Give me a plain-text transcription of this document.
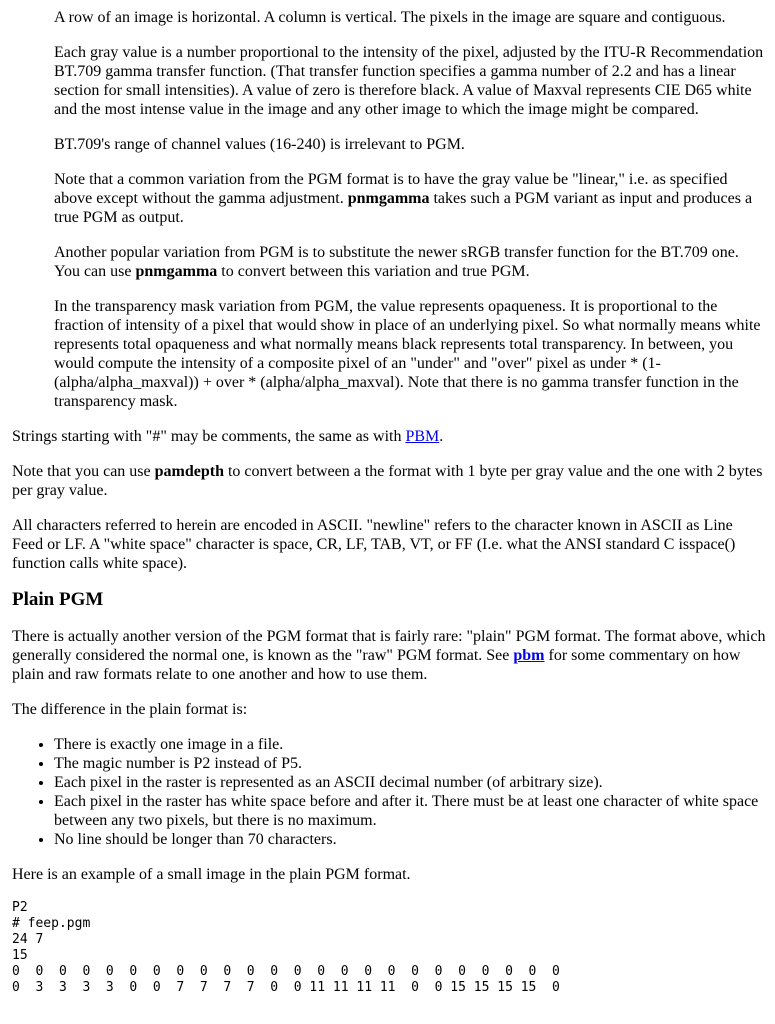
A row of an image is horizontal. A column is vertical. The pixels in the image are square and contiguous.

Each gray value is a number proportional to the intensity of the pixel, adjusted by the ITU-R Recommendation BT.709 gamma transfer function. (That transfer function specifies a gamma number of 2.2 and has a linear section for small intensities). A value of zero is therefore black. A value of Maxval represents CIE D65 white and the most intense value in the image and any other image to which the image might be compared.

BT.709's range of channel values (16-240) is irrelevant to PGM.

Note that a common variation from the PGM format is to have the gray value be "linear," i.e. as specified above except without the gamma adjustment. pnmgamma takes such a PGM variant as input and produces a true PGM as output.

Another popular variation from PGM is to substitute the newer sRGB transfer function for the BT.709 one. You can use pnmgamma to convert between this variation and true PGM.

In the transparency mask variation from PGM, the value represents opaqueness. It is proportional to the fraction of intensity of a pixel that would show in place of an underlying pixel. So what normally means white represents total opaqueness and what normally means black represents total transparency. In between, you would compute the intensity of a composite pixel of an "under" and "over" pixel as under * (1-(alpha/alpha_maxval)) + over * (alpha/alpha_maxval). Note that there is no gamma transfer function in the transparency mask.

Strings starting with "#" may be comments, the same as with PBM.

Note that you can use pamdepth to convert between a the format with 1 byte per gray value and the one with 2 bytes per gray value.

All characters referred to herein are encoded in ASCII. "newline" refers to the character known in ASCII as Line Feed or LF. A "white space" character is space, CR, LF, TAB, VT, or FF (I.e. what the ANSI standard C isspace() function calls white space).

Plain PGM

There is actually another version of the PGM format that is fairly rare: "plain" PGM format. The format above, which generally considered the normal one, is known as the "raw" PGM format. See pbm for some commentary on how plain and raw formats relate to one another and how to use them.

The difference in the plain format is:

• There is exactly one image in a file.
• The magic number is P2 instead of P5.
• Each pixel in the raster is represented as an ASCII decimal number (of arbitrary size).
• Each pixel in the raster has white space before and after it. There must be at least one character of white space between any two pixels, but there is no maximum.
• No line should be longer than 70 characters.

Here is an example of a small image in the plain PGM format.

P2
# feep.pgm
24 7
15
0  0  0  0  0  0  0  0  0  0  0  0  0  0  0  0  0  0  0  0  0  0  0  0
0  3  3  3  3  0  0  7  7  7  7  0  0 11 11 11 11  0  0 15 15 15 15  0
